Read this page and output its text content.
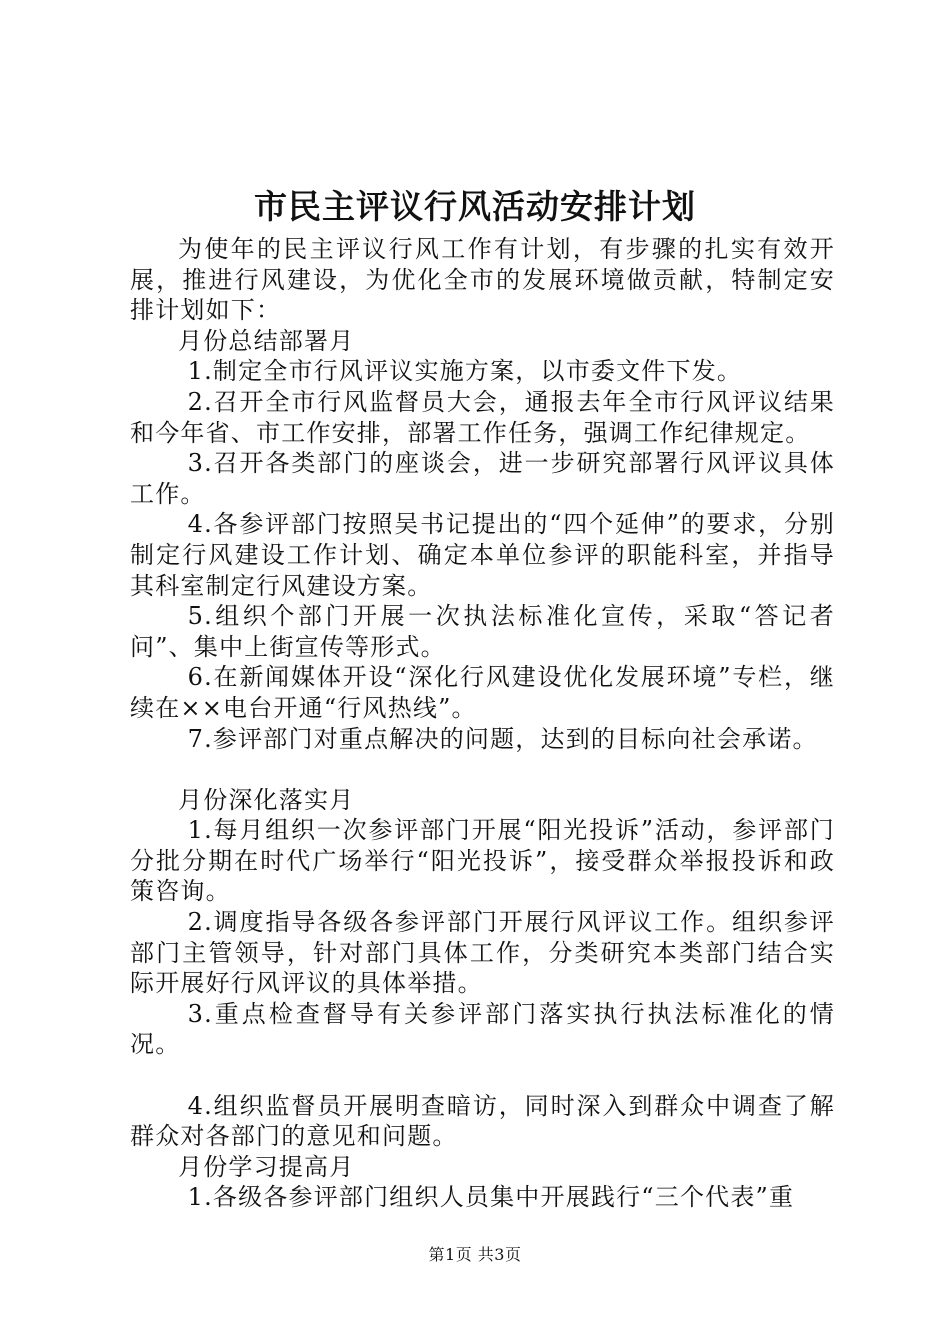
市民主评议行风活动安排计划

为使年的民主评议行风工作有计划，有步骤的扎实有效开展，推进行风建设，为优化全市的发展环境做贡献，特制定安排计划如下：

月份总结部署月

1.制定全市行风评议实施方案，以市委文件下发。

2.召开全市行风监督员大会，通报去年全市行风评议结果和今年省、市工作安排，部署工作任务，强调工作纪律规定。

3.召开各类部门的座谈会，进一步研究部署行风评议具体工作。

4.各参评部门按照吴书记提出的“四个延伸”的要求，分别制定行风建设工作计划、确定本单位参评的职能科室，并指导其科室制定行风建设方案。

5.组织个部门开展一次执法标准化宣传，采取“答记者问”、集中上街宣传等形式。

6.在新闻媒体开设“深化行风建设优化发展环境”专栏，继续在××电台开通“行风热线”。

7.参评部门对重点解决的问题，达到的目标向社会承诺。

月份深化落实月

1.每月组织一次参评部门开展“阳光投诉”活动，参评部门分批分期在时代广场举行“阳光投诉”，接受群众举报投诉和政策咨询。

2.调度指导各级各参评部门开展行风评议工作。组织参评部门主管领导，针对部门具体工作，分类研究本类部门结合实际开展好行风评议的具体举措。

3.重点检查督导有关参评部门落实执行执法标准化的情况。

4.组织监督员开展明查暗访，同时深入到群众中调查了解群众对各部门的意见和问题。

月份学习提高月

1.各级各参评部门组织人员集中开展践行“三个代表”重

第1页 共3页
